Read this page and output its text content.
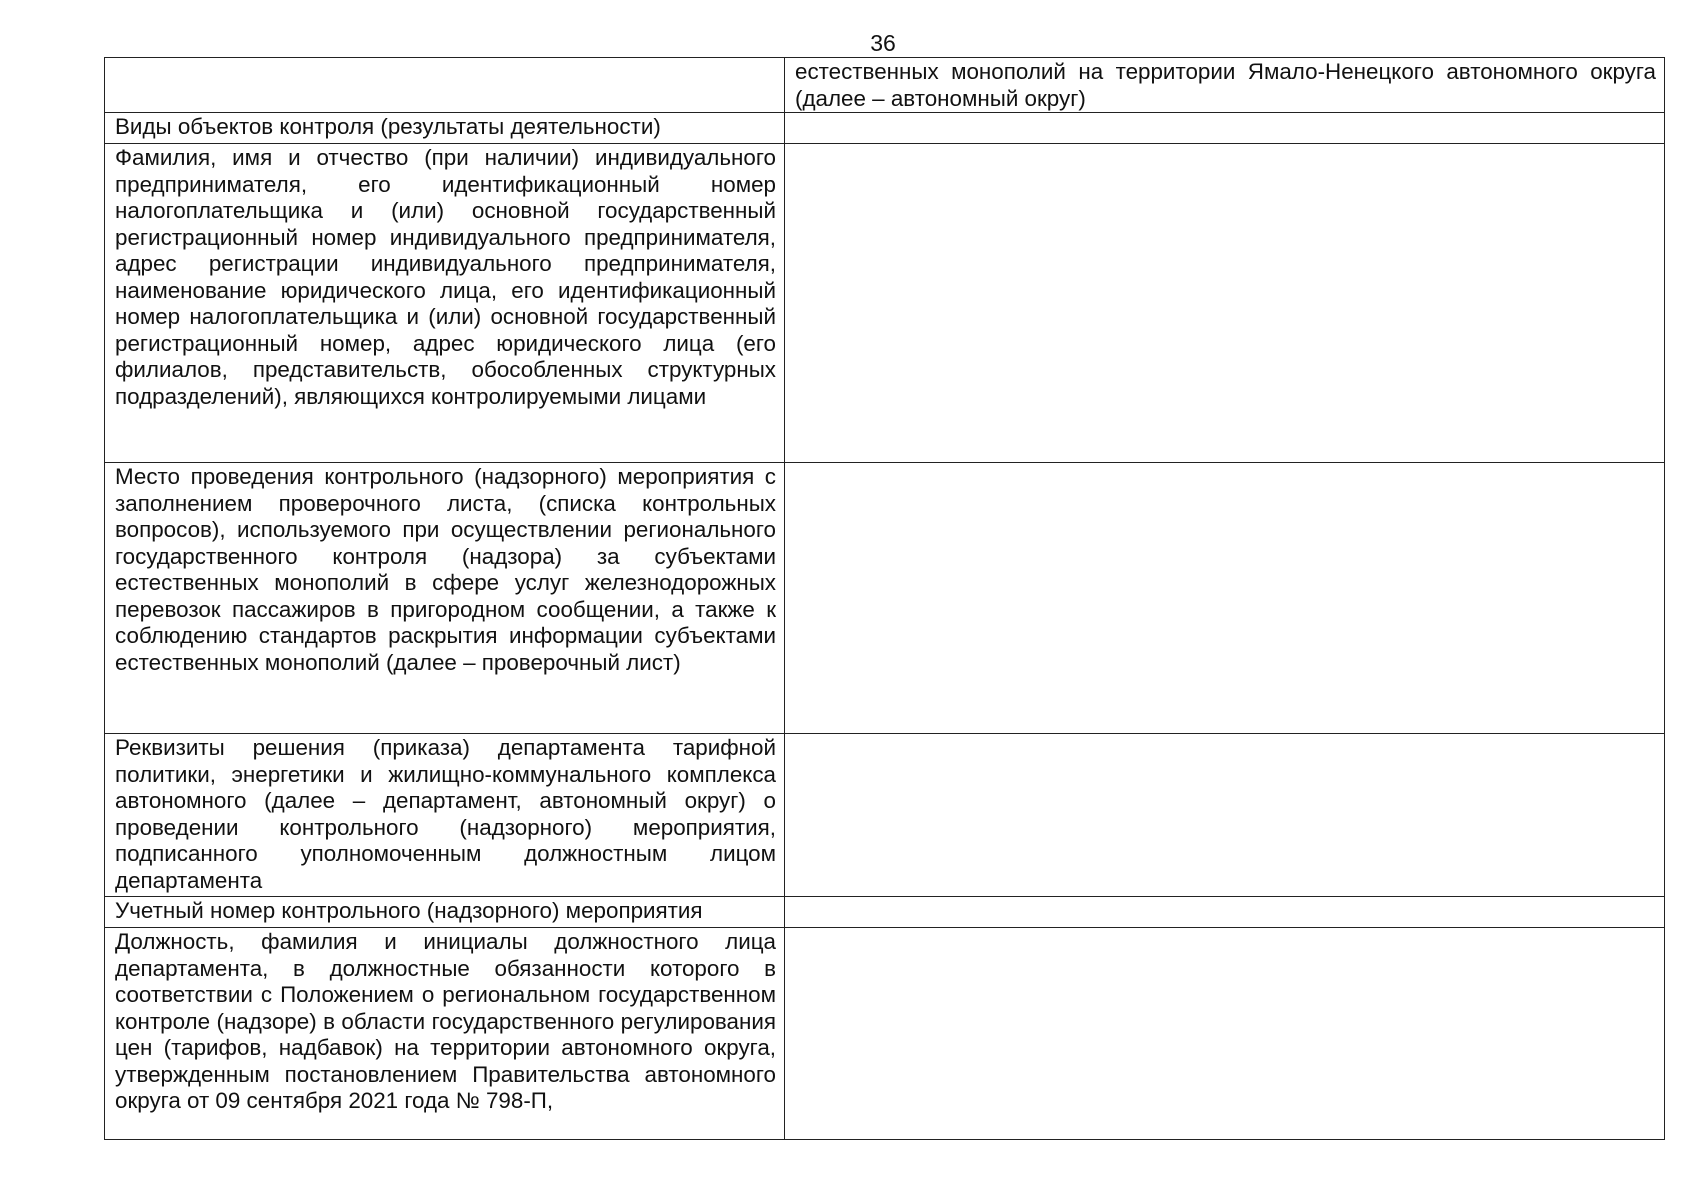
36
	естественных монополий на территории Ямало-Ненецкого автономного округа (далее – автономный округ)
Виды объектов контроля (результаты деятельности)	
Фамилия, имя и отчество (при наличии) индивидуального предпринимателя, его идентификационный номер налогоплательщика и (или) основной государственный регистрационный номер индивидуального предпринимателя, адрес регистрации индивидуального предпринимателя, наименование юридического лица, его идентификационный номер налогоплательщика и (или) основной государственный регистрационный номер, адрес юридического лица (его филиалов, представительств, обособленных структурных подразделений), являющихся контролируемыми лицами	
Место проведения контрольного (надзорного) мероприятия с заполнением проверочного листа, (списка контрольных вопросов), используемого при осуществлении регионального государственного контроля (надзора) за субъектами естественных монополий в сфере услуг железнодорожных перевозок пассажиров в пригородном сообщении, а также к соблюдению стандартов раскрытия информации субъектами естественных монополий (далее – проверочный лист)	
Реквизиты решения (приказа) департамента тарифной политики, энергетики и жилищно-коммунального комплекса автономного (далее – департамент, автономный округ) о проведении контрольного (надзорного) мероприятия, подписанного уполномоченным должностным лицом департамента	
Учетный номер контрольного (надзорного) мероприятия	
Должность, фамилия и инициалы должностного лица департамента, в должностные обязанности которого в соответствии с Положением о региональном государственном контроле (надзоре) в области государственного регулирования цен (тарифов, надбавок) на территории автономного округа, утвержденным постановлением Правительства автономного округа от 09 сентября 2021 года № 798-П,	
